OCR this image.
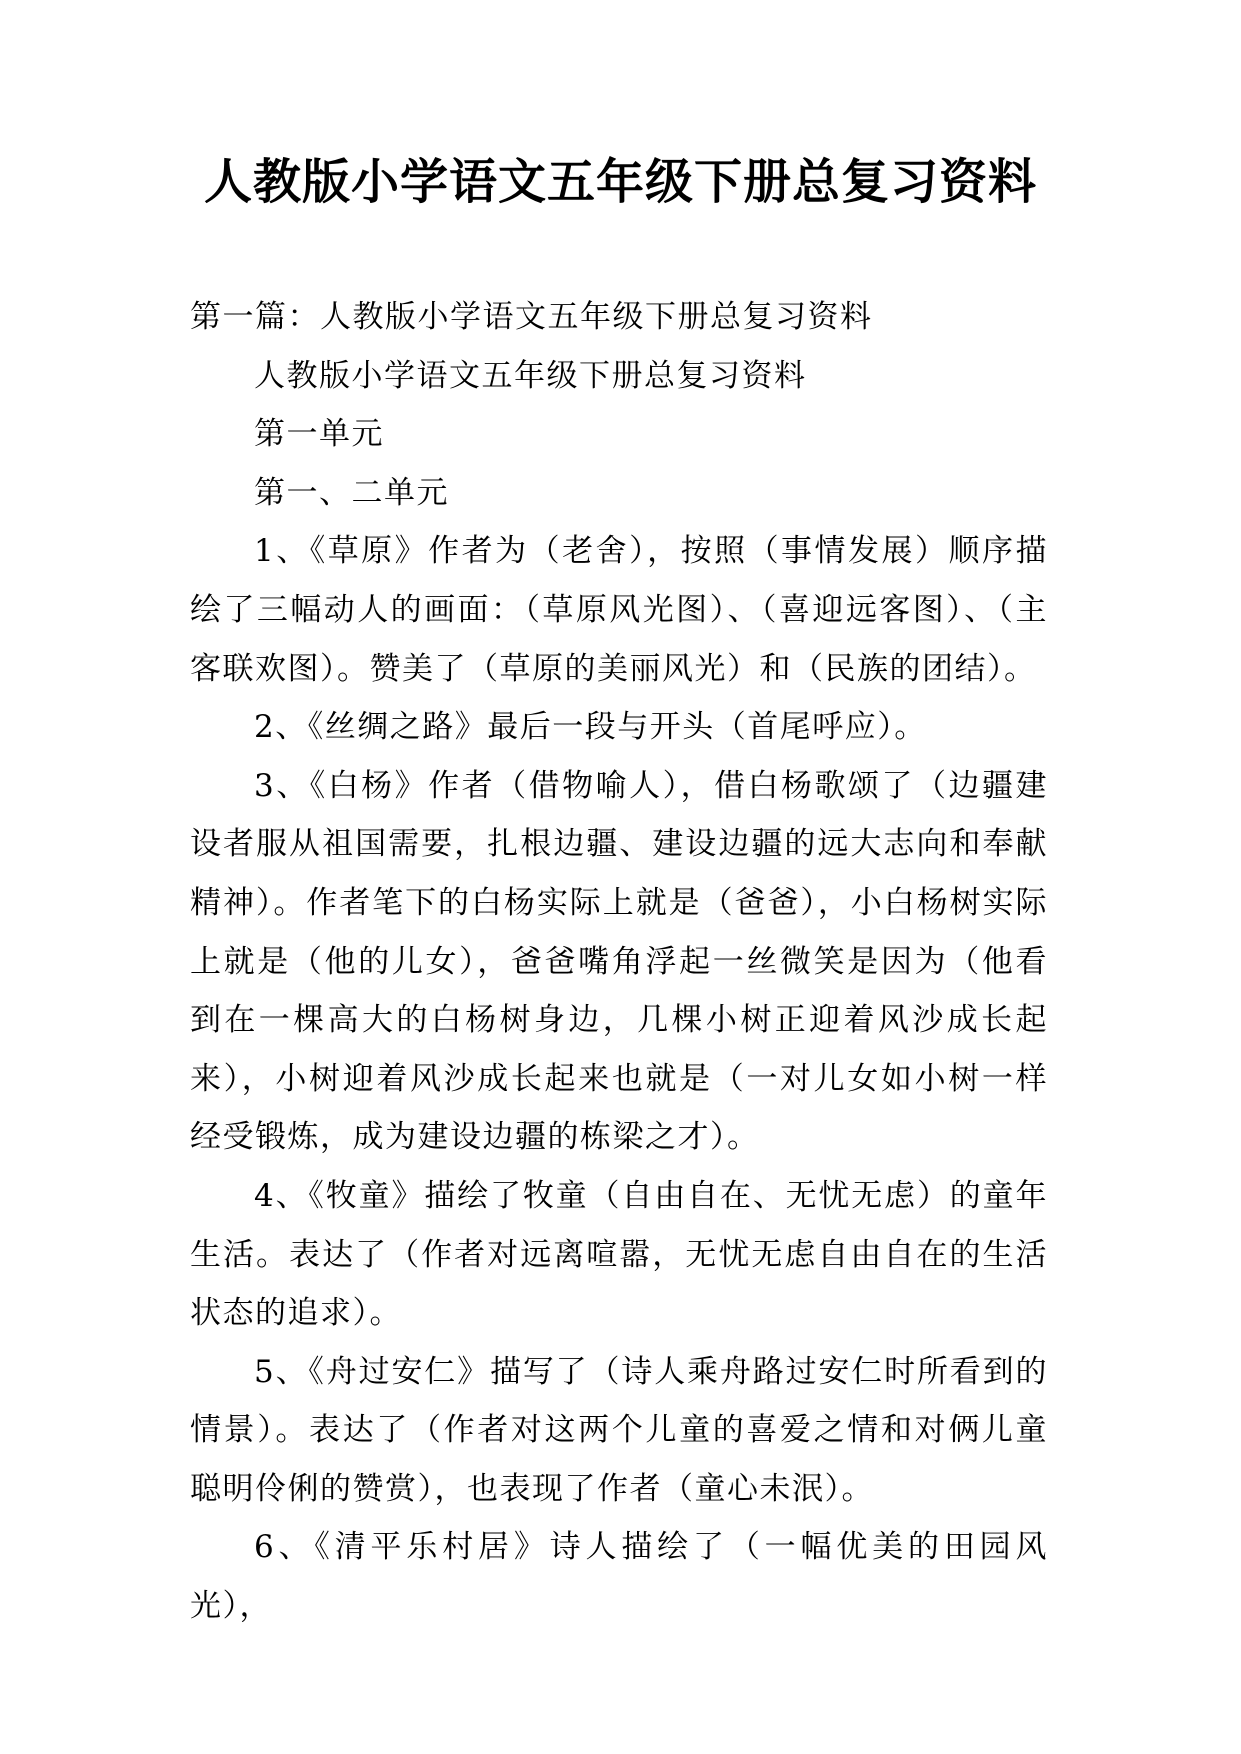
人教版小学语文五年级下册总复习资料

第一篇：人教版小学语文五年级下册总复习资料

人教版小学语文五年级下册总复习资料

第一单元

第一、二单元

1、《草原》作者为（老舍），按照（事情发展）顺序描绘了三幅动人的画面：（草原风光图）、（喜迎远客图）、（主客联欢图）。赞美了（草原的美丽风光）和（民族的团结）。

2、《丝绸之路》最后一段与开头（首尾呼应）。

3、《白杨》作者（借物喻人），借白杨歌颂了（边疆建设者服从祖国需要，扎根边疆、建设边疆的远大志向和奉献精神）。作者笔下的白杨实际上就是（爸爸），小白杨树实际上就是（他的儿女），爸爸嘴角浮起一丝微笑是因为（他看到在一棵高大的白杨树身边，几棵小树正迎着风沙成长起来），小树迎着风沙成长起来也就是（一对儿女如小树一样经受锻炼，成为建设边疆的栋梁之才）。

4、《牧童》描绘了牧童（自由自在、无忧无虑）的童年生活。表达了（作者对远离喧嚣，无忧无虑自由自在的生活状态的追求）。

5、《舟过安仁》描写了（诗人乘舟路过安仁时所看到的情景）。表达了（作者对这两个儿童的喜爱之情和对俩儿童聪明伶俐的赞赏），也表现了作者（童心未泯）。

6、《清平乐村居》诗人描绘了（一幅优美的田园风光），
